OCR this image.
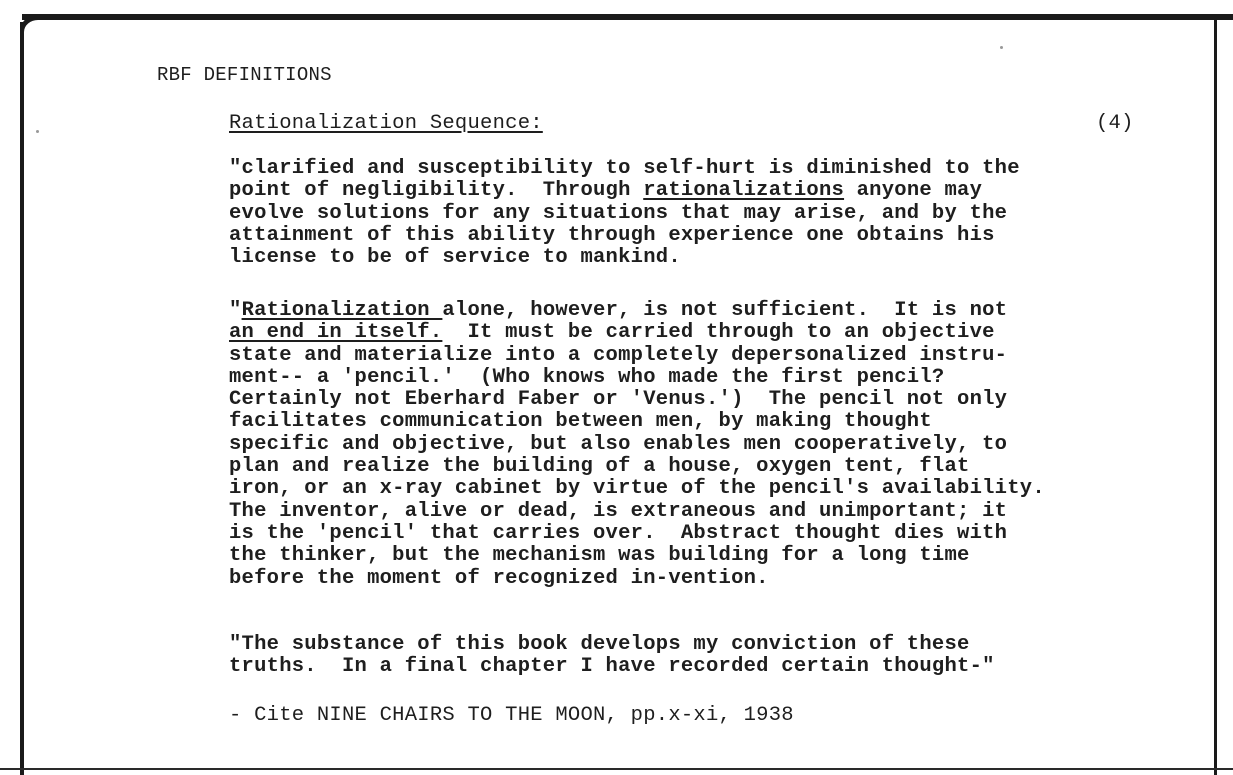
RBF DEFINITIONS
Rationalization Sequence:	(4)
"clarified and susceptibility to self-hurt is diminished to the
point of negligibility.  Through rationalizations anyone may
evolve solutions for any situations that may arise, and by the
attainment of this ability through experience one obtains his
license to be of service to mankind.
"Rationalization alone, however, is not sufficient.  It is not
an end in itself.  It must be carried through to an objective
state and materialize into a completely depersonalized instru-
ment-- a 'pencil.'  (Who knows who made the first pencil?
Certainly not Eberhard Faber or 'Venus.')  The pencil not only
facilitates communication between men, by making thought
specific and objective, but also enables men cooperatively, to
plan and realize the building of a house, oxygen tent, flat
iron, or an x-ray cabinet by virtue of the pencil's availability.
The inventor, alive or dead, is extraneous and unimportant; it
is the 'pencil' that carries over.  Abstract thought dies with
the thinker, but the mechanism was building for a long time
before the moment of recognized in-vention.
"The substance of this book develops my conviction of these
truths.  In a final chapter I have recorded certain thought-"
- Cite NINE CHAIRS TO THE MOON, pp.x-xi, 1938
